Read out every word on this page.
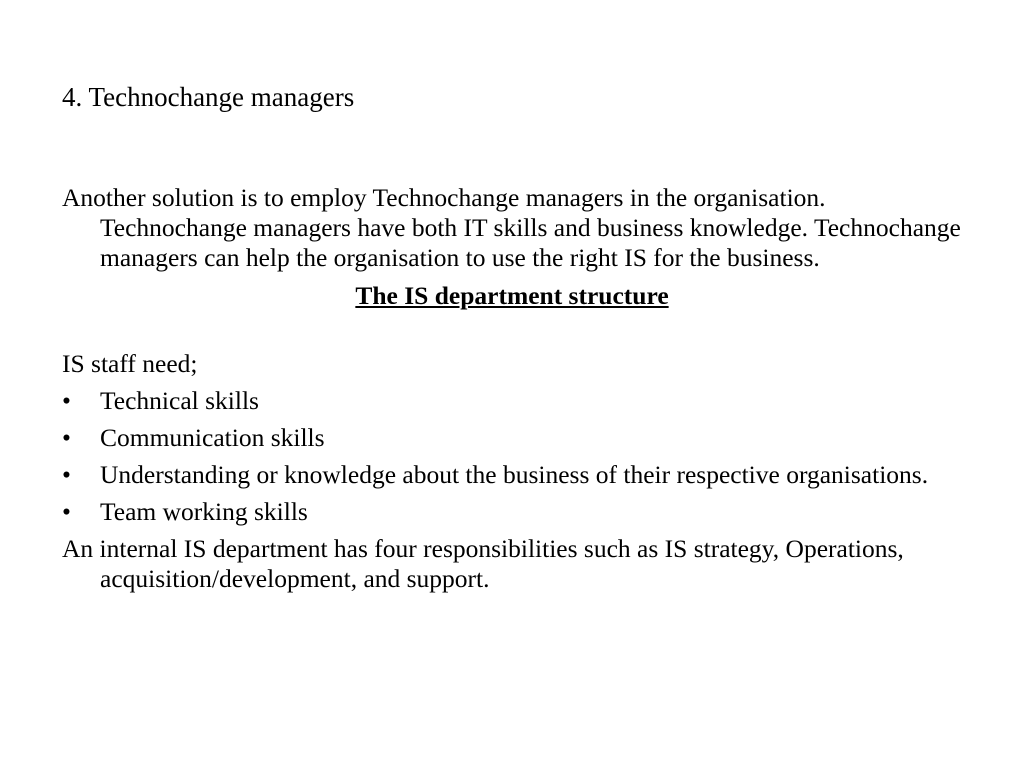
4. Technochange managers

Another solution is to employ Technochange managers in the organisation. Technochange managers have both IT skills and business knowledge. Technochange managers can help the organisation to use the right IS for the business.

The IS department structure

IS staff need;

• Technical skills
• Communication skills
• Understanding or knowledge about the business of their respective organisations.
• Team working skills

An internal IS department has four responsibilities such as IS strategy, Operations, acquisition/development, and support.
